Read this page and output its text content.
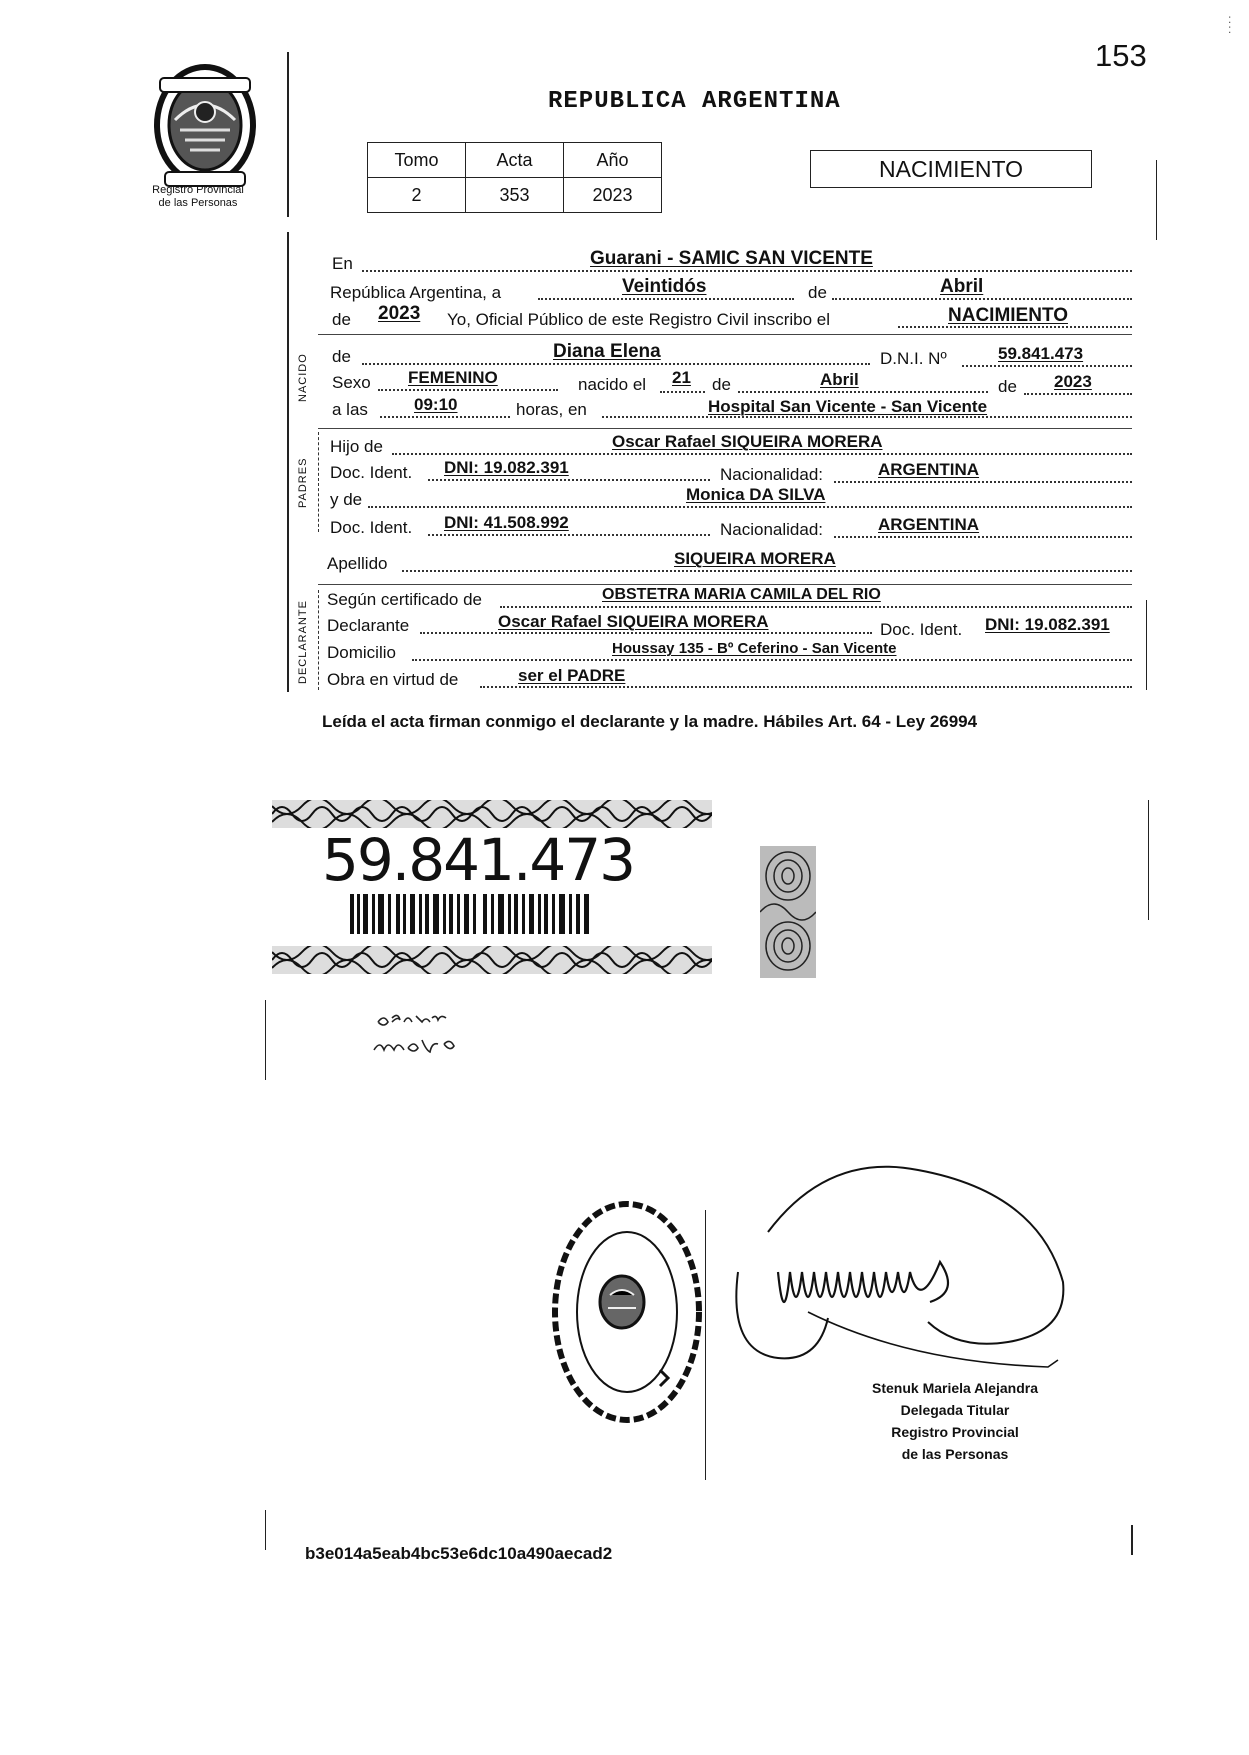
153
:
:
Registro Provincial
de las Personas
REPUBLICA ARGENTINA
Tomo	Acta	Año
2	353	2023
NACIMIENTO
En	Guarani - SAMIC SAN VICENTE
República Argentina, a	Veintidós	de	Abril
de 2023 Yo, Oficial Público de este Registro Civil inscribo el	NACIMIENTO
NACIDO de	Diana Elena	D.N.I. Nº	59.841.473
Sexo FEMENINO	nacido el 21 de	Abril	de 2023
a las	09:10	horas, en	Hospital San Vicente - San Vicente
PADRES
Hijo de	Oscar Rafael SIQUEIRA MORERA
Doc. Ident. DNI: 19.082.391	Nacionalidad:	ARGENTINA
y de	Monica DA SILVA
Doc. Ident. DNI: 41.508.992	Nacionalidad:	ARGENTINA
Apellido	SIQUEIRA MORERA
DECLARANTE
Según certificado de	OBSTETRA MARIA CAMILA DEL RIO
Declarante	Oscar Rafael SIQUEIRA MORERA	Doc. Ident. DNI: 19.082.391
Domicilio	Houssay 135 - Bº Ceferino - San Vicente
Obra en virtud de	ser el PADRE
Leída el acta firman conmigo el declarante y la madre. Hábiles Art. 64 - Ley 26994
59.841.473
Stenuk Mariela Alejandra
Delegada Titular
Registro Provincial
de las Personas
b3e014a5eab4bc53e6dc10a490aecad2
